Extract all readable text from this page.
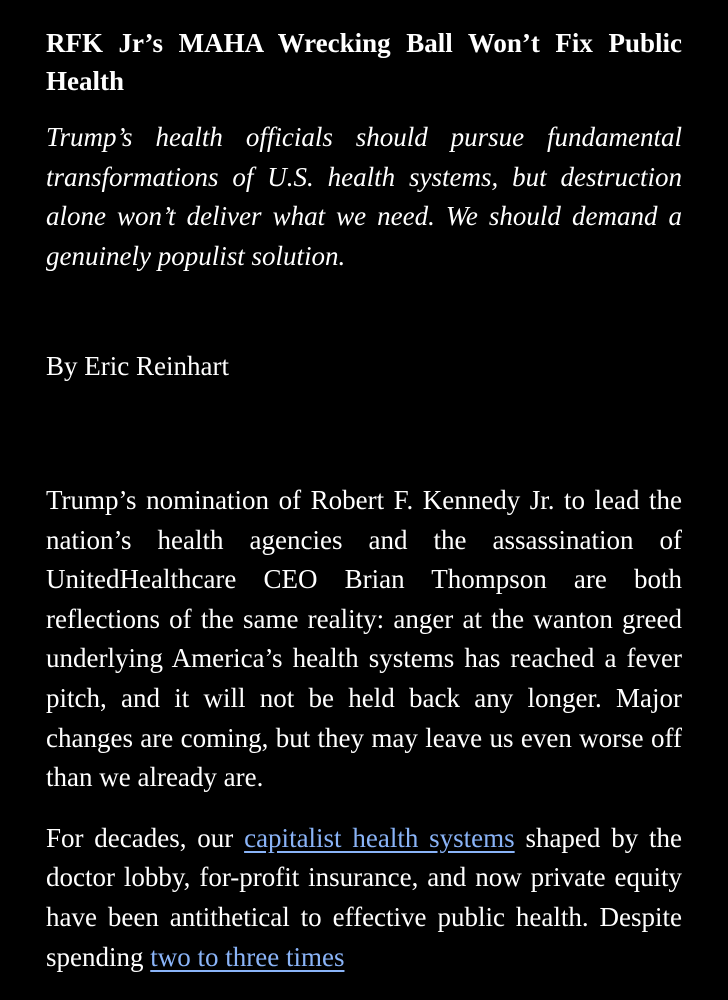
RFK Jr’s MAHA Wrecking Ball Won’t Fix Public Health

Trump’s health officials should pursue fundamental transformations of U.S. health systems, but destruction alone won’t deliver what we need. We should demand a genuinely populist solution.

By Eric Reinhart

Trump’s nomination of Robert F. Kennedy Jr. to lead the nation’s health agencies and the assassination of UnitedHealthcare CEO Brian Thompson are both reflections of the same reality: anger at the wanton greed underlying America’s health systems has reached a fever pitch, and it will not be held back any longer. Major changes are coming, but they may leave us even worse off than we already are.

For decades, our capitalist health systems shaped by the doctor lobby, for-profit insurance, and now private equity have been antithetical to effective public health. Despite spending two to three times
